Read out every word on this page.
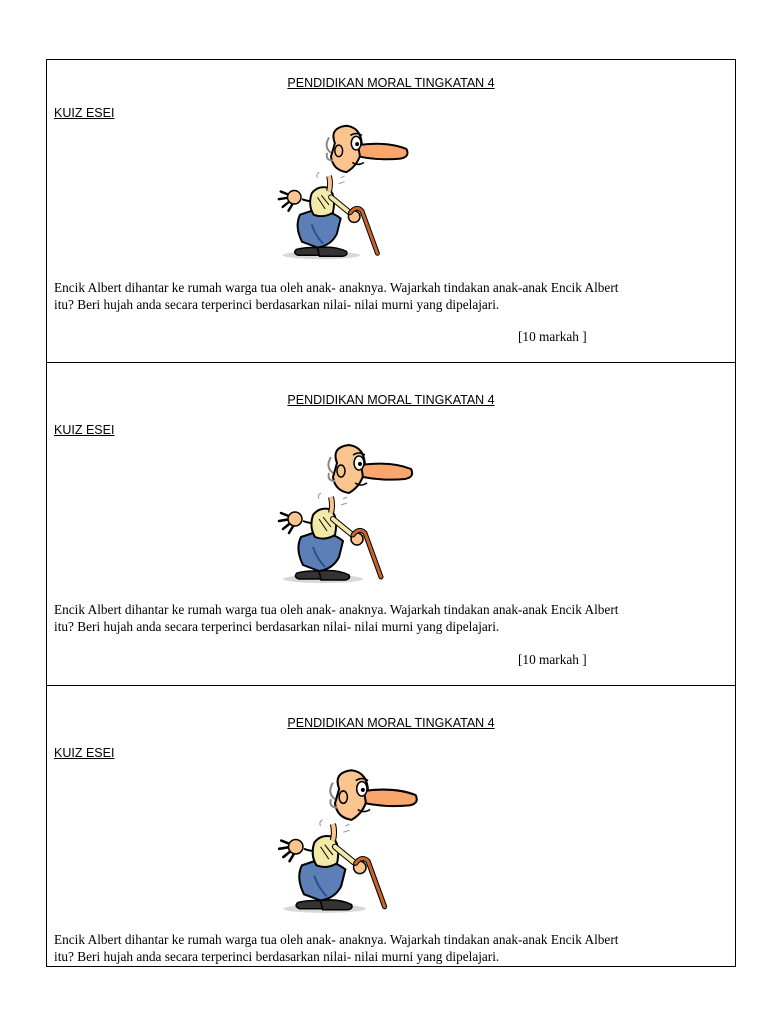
PENDIDIKAN MORAL TINGKATAN 4
KUIZ ESEI
Encik Albert dihantar ke rumah warga tua oleh anak- anaknya. Wajarkah tindakan anak-anak Encik Albert
itu? Beri hujah anda secara terperinci berdasarkan nilai- nilai murni yang dipelajari.
[10 markah ]
PENDIDIKAN MORAL TINGKATAN 4
KUIZ ESEI
Encik Albert dihantar ke rumah warga tua oleh anak- anaknya. Wajarkah tindakan anak-anak Encik Albert
itu? Beri hujah anda secara terperinci berdasarkan nilai- nilai murni yang dipelajari.
[10 markah ]
PENDIDIKAN MORAL TINGKATAN 4
KUIZ ESEI
Encik Albert dihantar ke rumah warga tua oleh anak- anaknya. Wajarkah tindakan anak-anak Encik Albert
itu? Beri hujah anda secara terperinci berdasarkan nilai- nilai murni yang dipelajari.
